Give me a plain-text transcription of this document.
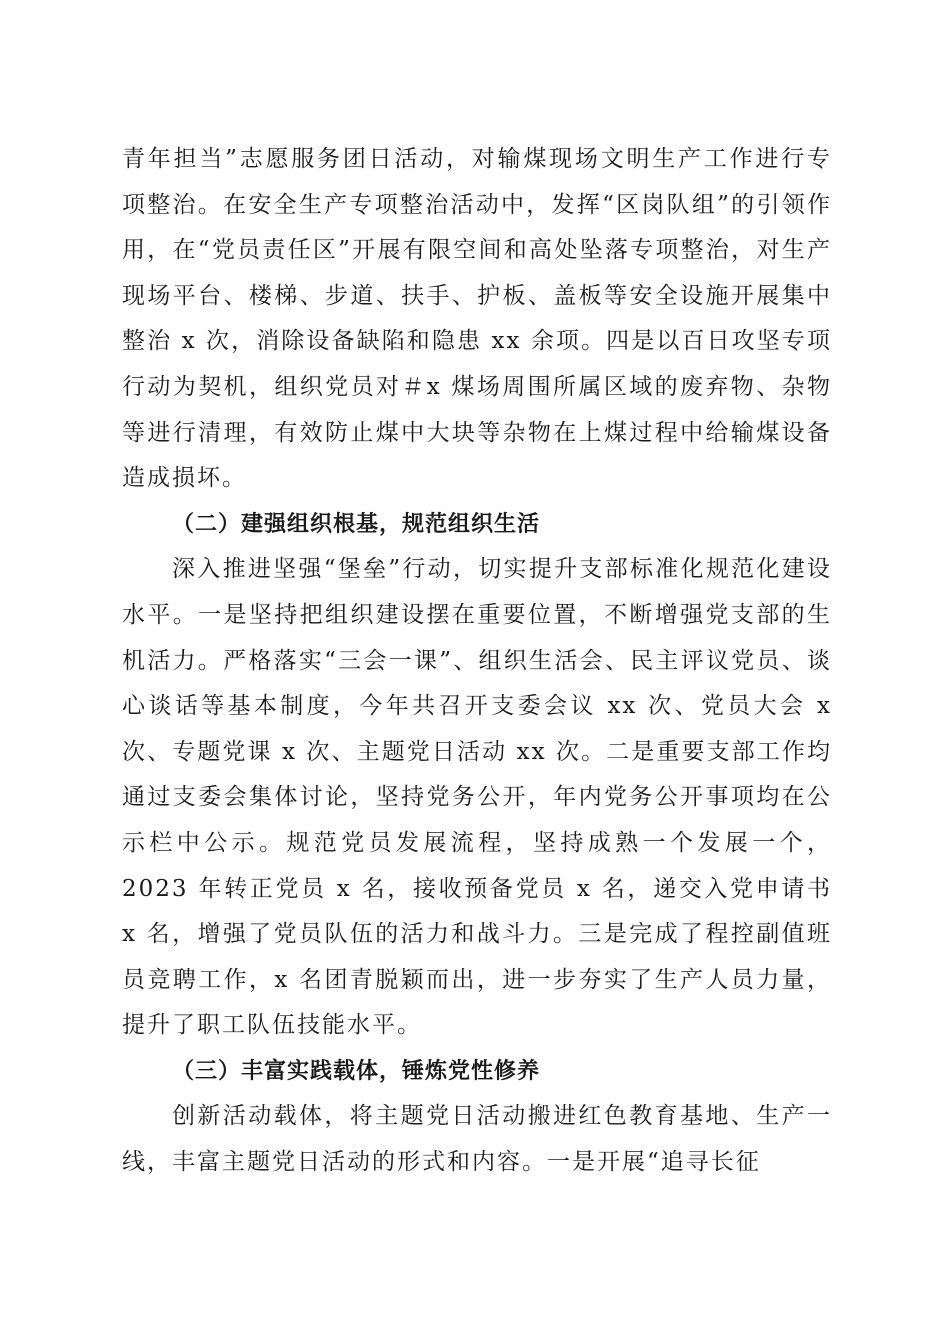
青年担当”志愿服务团日活动，对输煤现场文明生产工作进行专项整治。在安全生产专项整治活动中，发挥“区岗队组”的引领作用，在“党员责任区”开展有限空间和高处坠落专项整治，对生产现场平台、楼梯、步道、扶手、护板、盖板等安全设施开展集中整治 x 次，消除设备缺陷和隐患 xx 余项。四是以百日攻坚专项行动为契机，组织党员对＃x 煤场周围所属区域的废弃物、杂物等进行清理，有效防止煤中大块等杂物在上煤过程中给输煤设备造成损坏。

（二）建强组织根基，规范组织生活

深入推进坚强“堡垒”行动，切实提升支部标准化规范化建设水平。一是坚持把组织建设摆在重要位置，不断增强党支部的生机活力。严格落实“三会一课”、组织生活会、民主评议党员、谈心谈话等基本制度，今年共召开支委会议 xx 次、党员大会 x 次、专题党课 x 次、主题党日活动 xx 次。二是重要支部工作均通过支委会集体讨论，坚持党务公开，年内党务公开事项均在公示栏中公示。规范党员发展流程，坚持成熟一个发展一个，2023 年转正党员 x 名，接收预备党员 x 名，递交入党申请书 x 名，增强了党员队伍的活力和战斗力。三是完成了程控副值班员竞聘工作，x 名团青脱颖而出，进一步夯实了生产人员力量，提升了职工队伍技能水平。

（三）丰富实践载体，锤炼党性修养

创新活动载体，将主题党日活动搬进红色教育基地、生产一线，丰富主题党日活动的形式和内容。一是开展“追寻长征
